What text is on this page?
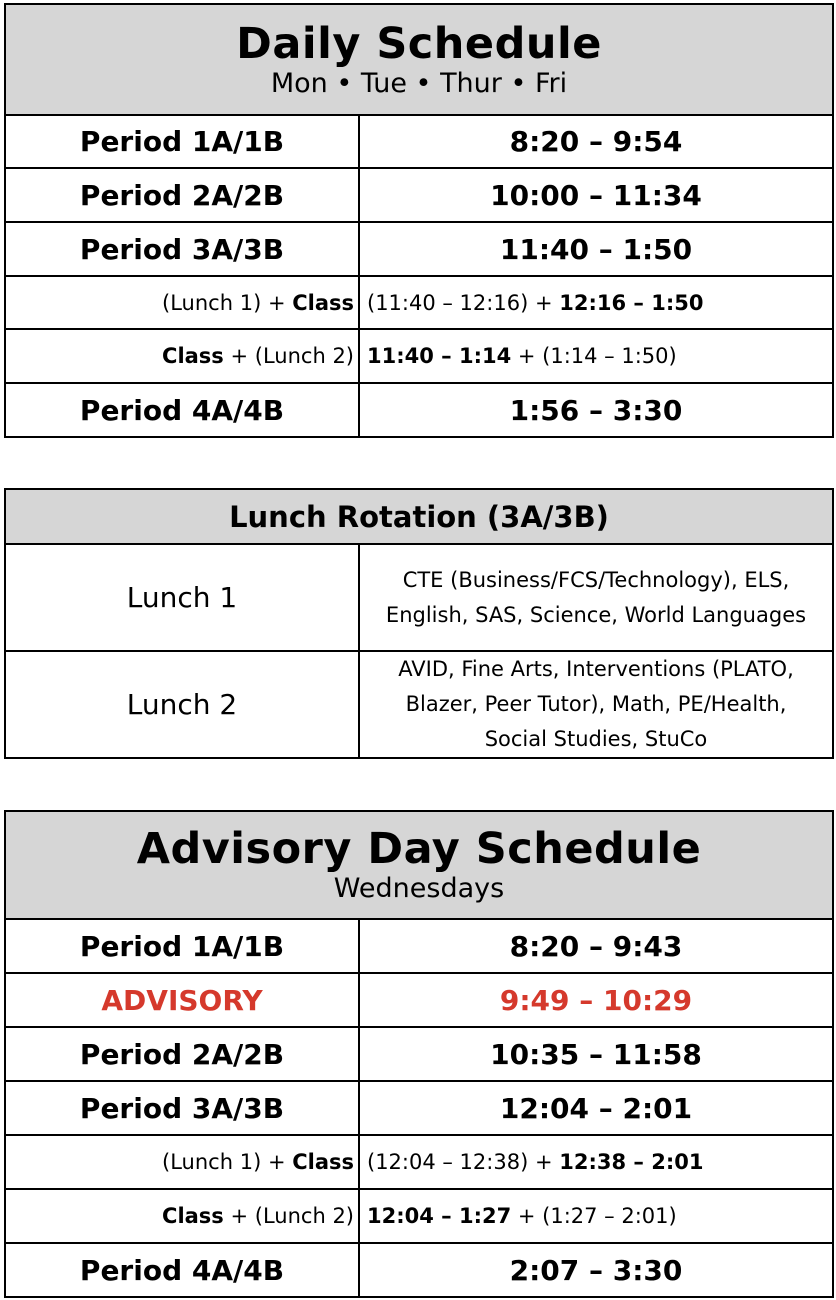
Daily Schedule
Mon • Tue • Thur • Fri	

Period 1A/1B	8:20 – 9:54
Period 2A/2B	10:00 – 11:34
Period 3A/3B	11:40 – 1:50
(Lunch 1) + Class	(11:40 – 12:16) + 12:16 – 1:50
Class + (Lunch 2)	11:40 – 1:14 + (1:14 – 1:50)
Period 4A/4B	1:56 – 3:30
Lunch Rotation (3A/3B)	
Lunch 1	CTE (Business/FCS/Technology), ELS,
English, SAS, Science, World Languages

Lunch 2	AVID, Fine Arts, Interventions (PLATO,
Blazer, Peer Tutor), Math, PE/Health,
Social Studies, StuCo
Advisory Day Schedule
Wednesdays	

Period 1A/1B	8:20 – 9:43
ADVISORY	9:49 – 10:29
Period 2A/2B	10:35 – 11:58
Period 3A/3B	12:04 – 2:01
(Lunch 1) + Class	(12:04 – 12:38) + 12:38 – 2:01
Class + (Lunch 2)	12:04 – 1:27 + (1:27 – 2:01)
Period 4A/4B	2:07 – 3:30
